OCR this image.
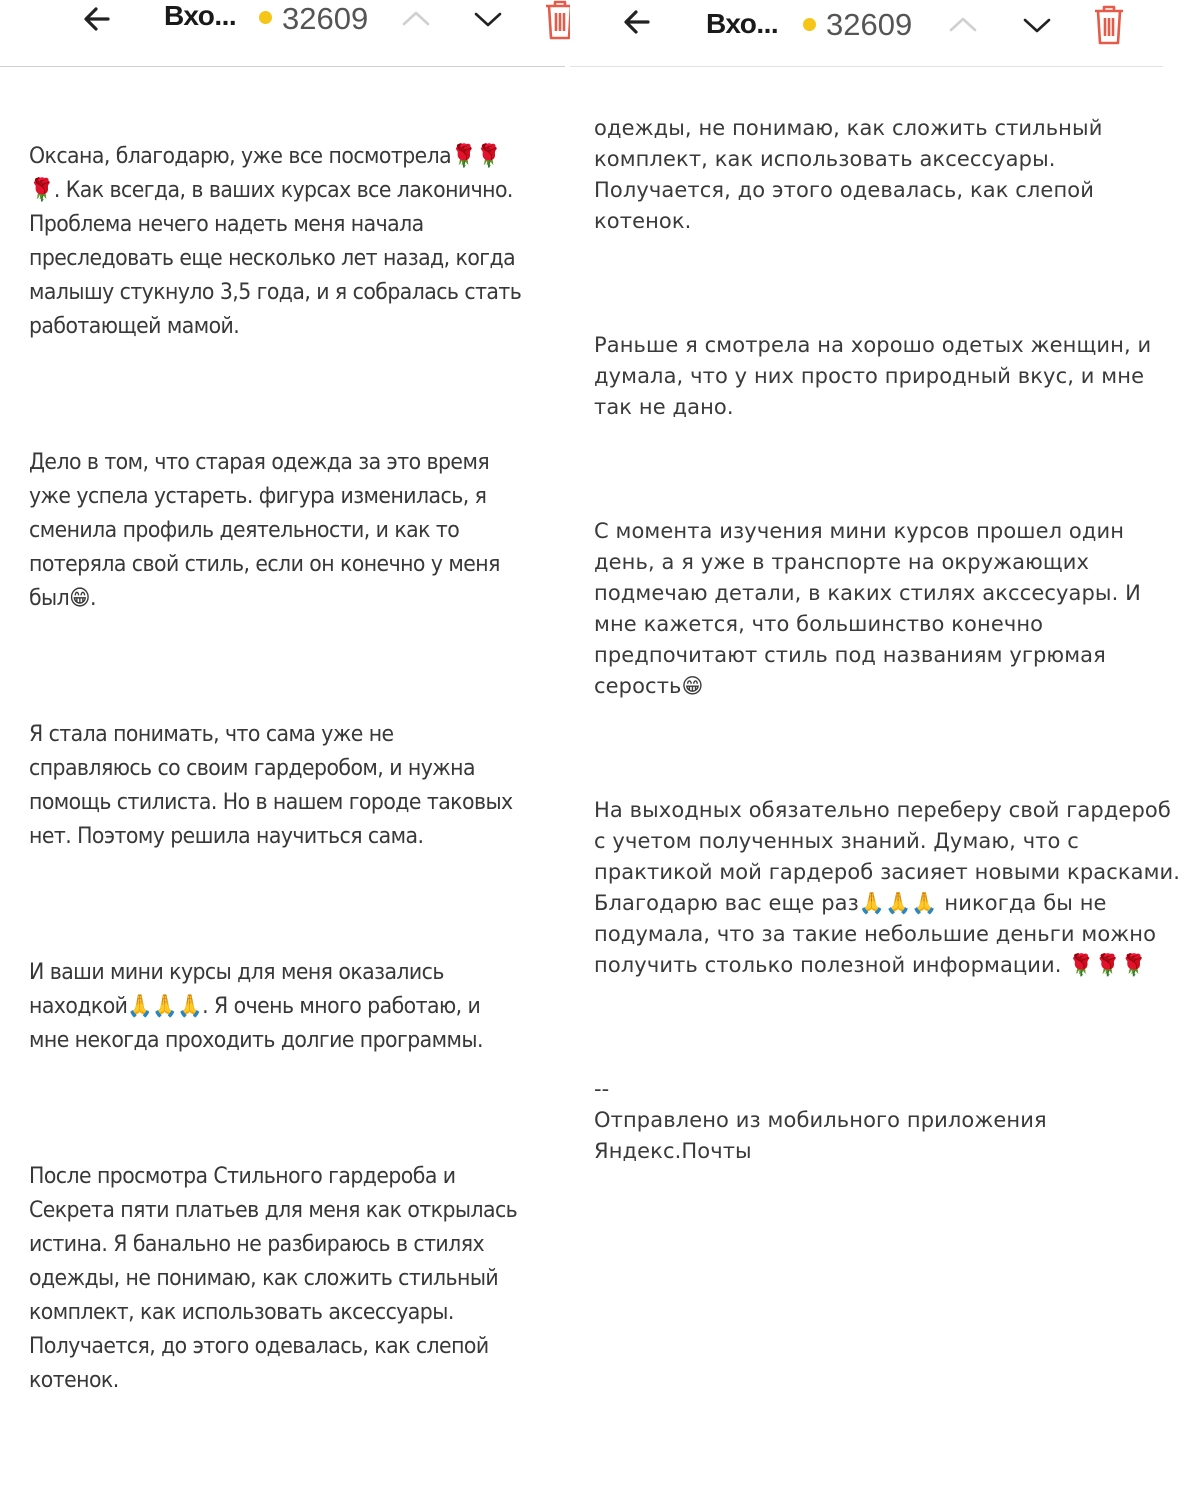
Вхо... 32609

Оксана, благодарю, уже все посмотрела🌹🌹🌹. Как всегда, в ваших курсах все лаконично. Проблема нечего надеть меня начала преследовать еще несколько лет назад, когда малышу стукнуло 3,5 года, и я собралась стать работающей мамой.

Дело в том, что старая одежда за это время уже успела устареть. фигура изменилась, я сменила профиль деятельности, и как то потеряла свой стиль, если он конечно у меня был😁.

Я стала понимать, что сама уже не справляюсь со своим гардеробом, и нужна помощь стилиста. Но в нашем городе таковых нет. Поэтому решила научиться сама.

И ваши мини курсы для меня оказались находкой🙏🙏🙏. Я очень много работаю, и мне некогда проходить долгие программы.

После просмотра Стильного гардероба и Секрета пяти платьев для меня как открылась истина. Я банально не разбираюсь в стилях одежды, не понимаю, как сложить стильный комплект, как использовать аксессуары. Получается, до этого одевалась, как слепой котенок.

Вхо... 32609

одежды, не понимаю, как сложить стильный комплект, как использовать аксессуары. Получается, до этого одевалась, как слепой котенок.

Раньше я смотрела на хорошо одетых женщин, и думала, что у них просто природный вкус, и мне так не дано.

С момента изучения мини курсов прошел один день, а я уже в транспорте на окружающих подмечаю детали, в каких стилях акссесуары. И мне кажется, что большинство конечно предпочитают стиль под названиям угрюмая серость😁

На выходных обязательно переберу свой гардероб с учетом полученных знаний. Думаю, что с практикой мой гардероб засияет новыми красками. Благодарю вас еще раз🙏🙏🙏 никогда бы не подумала, что за такие небольшие деньги можно получить столько полезной информации. 🌹🌹🌹

--
Отправлено из мобильного приложения Яндекс.Почты
